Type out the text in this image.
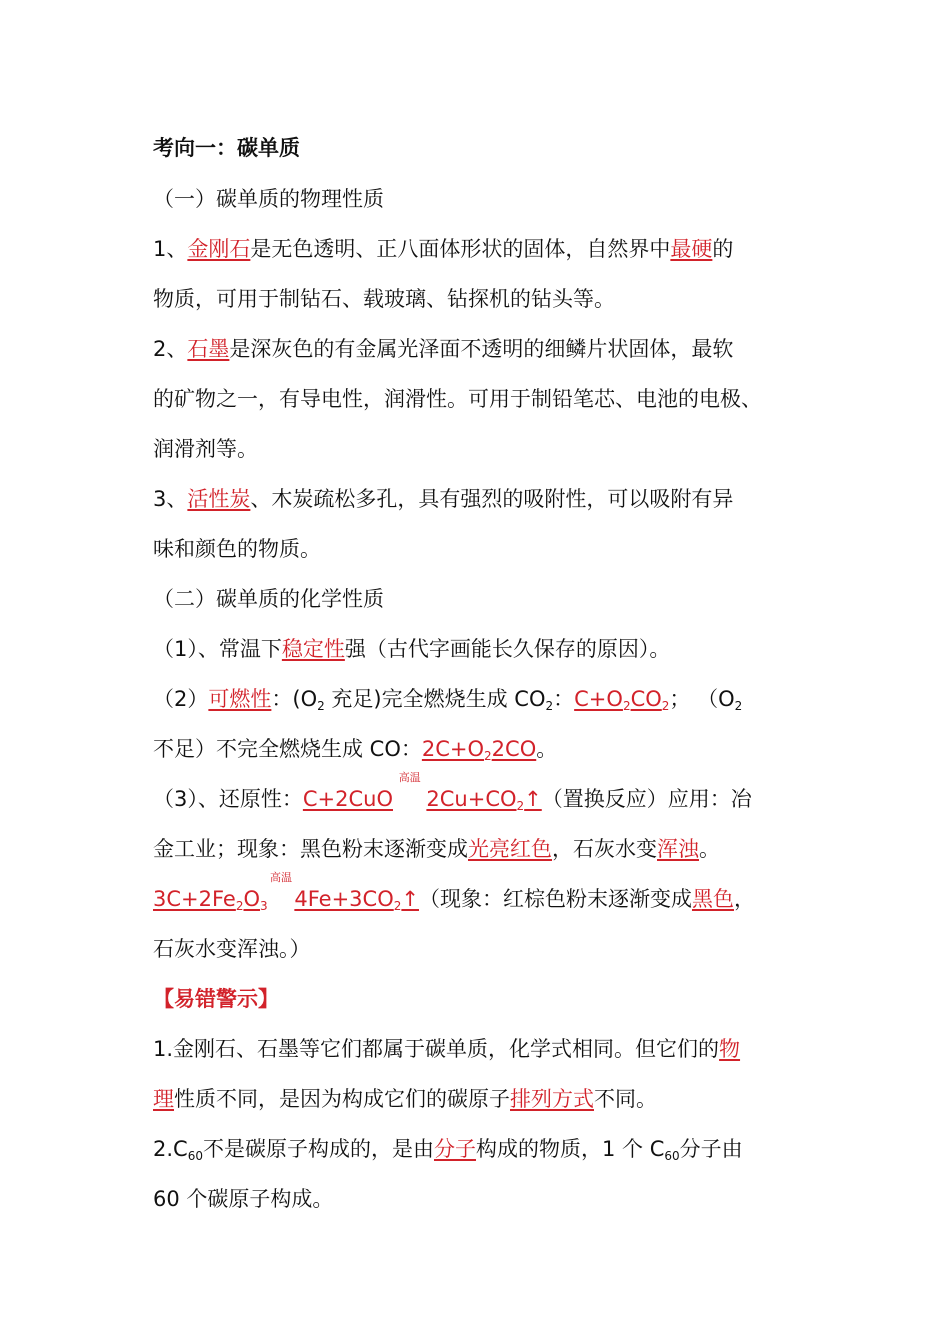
考向一：碳单质
（一）碳单质的物理性质
1、金刚石是无色透明、正八面体形状的固体，自然界中最硬的
物质，可用于制钻石、载玻璃、钻探机的钻头等。
2、石墨是深灰色的有金属光泽面不透明的细鳞片状固体，最软
的矿物之一，有导电性，润滑性。可用于制铅笔芯、电池的电极、
润滑剂等。
3、活性炭、木炭疏松多孔，具有强烈的吸附性，可以吸附有异
味和颜色的物质。
（二）碳单质的化学性质
（1）、常温下稳定性强（古代字画能长久保存的原因）。
（2）可燃性：($O_2$ 充足)完全燃烧生成 $CO_2$：$C+O_2CO_2$； （$O_2$
不足）不完全燃烧生成 CO：$2C+O_22CO$。
（3）、还原性：C+2CuO
高温
$2Cu+CO_2↑$（置换反应）应用：冶
金工业；现象：黑色粉末逐渐变成光亮红色，石灰水变浑浊。
$3C+2Fe_2O_3$
高温
$4Fe+3CO_2↑$（现象：红棕色粉末逐渐变成黑色，
石灰水变浑浊。）
【易错警示】
1.金刚石、石墨等它们都属于碳单质，化学式相同。但它们的物
理性质不同，是因为构成它们的碳原子排列方式不同。
$2.C_{60}$不是碳原子构成的，是由分子构成的物质，1 个 $C_{60}$分子由
60 个碳原子构成。
